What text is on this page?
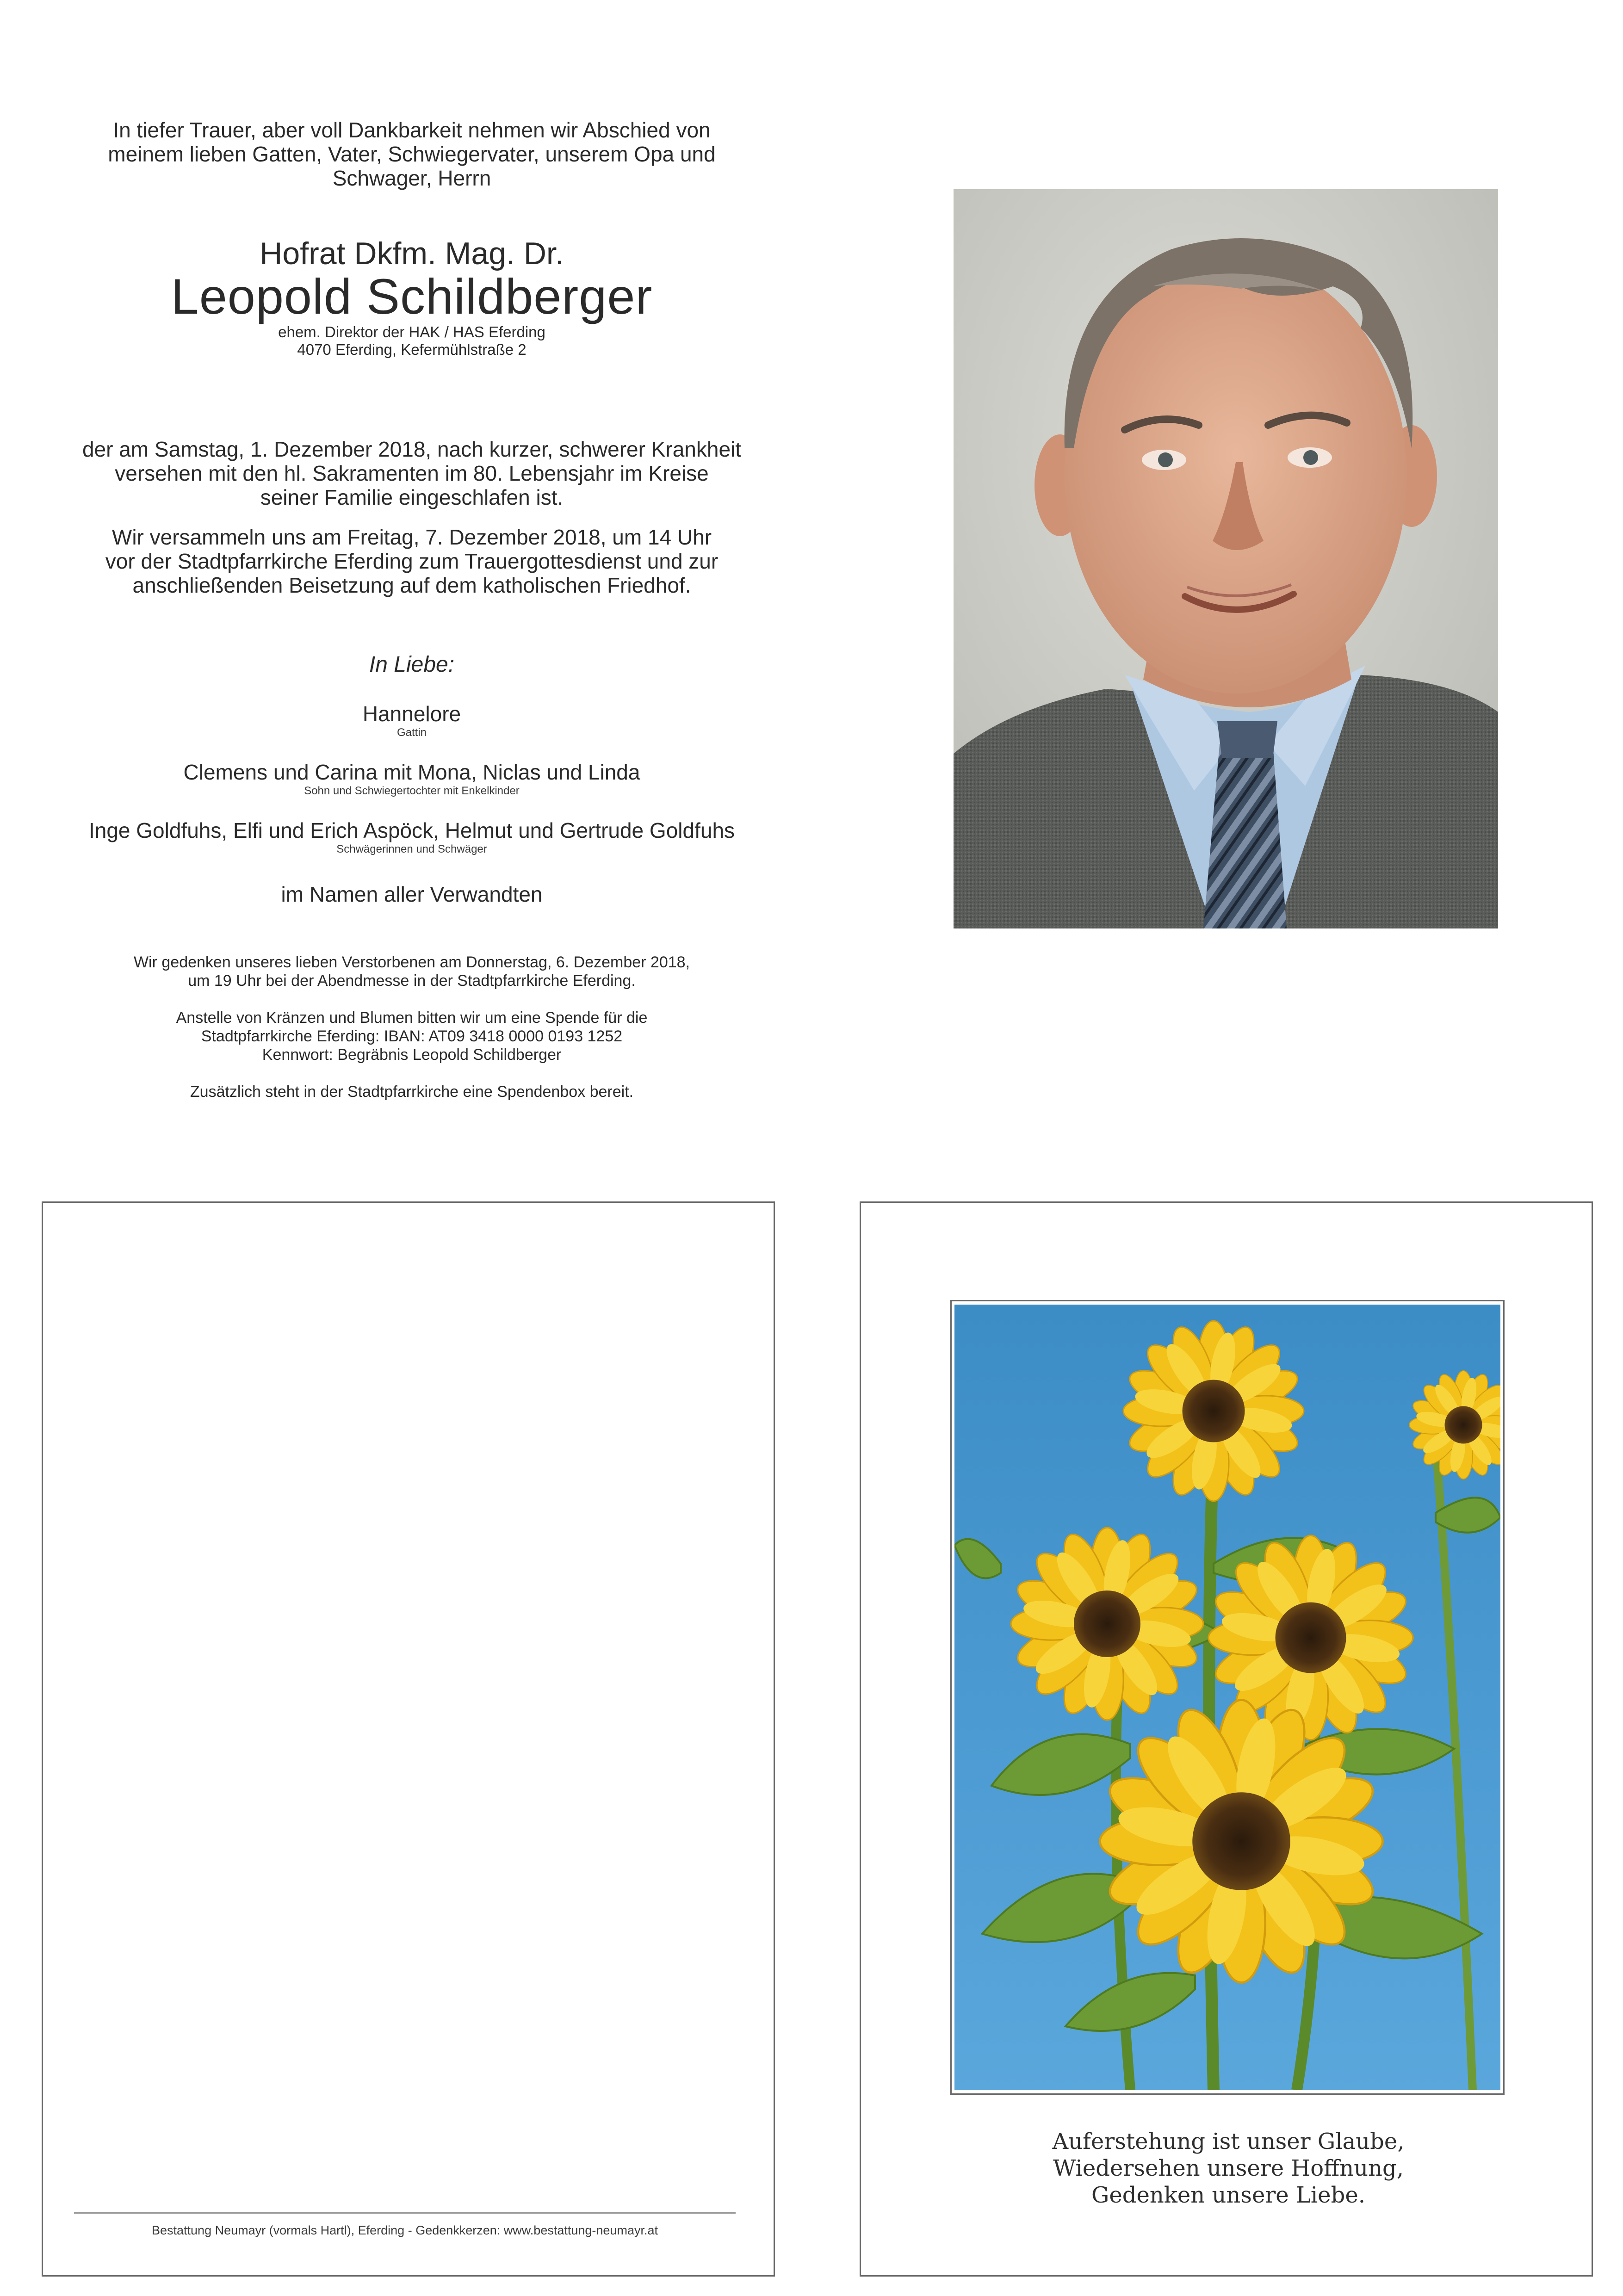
In tiefer Trauer, aber voll Dankbarkeit nehmen wir Abschied von

meinem lieben Gatten, Vater, Schwiegervater, unserem Opa und

Schwager, Herrn

Hofrat Dkfm. Mag. Dr.

Leopold Schildberger

ehem. Direktor der HAK / HAS Eferding

4070 Eferding, Kefermühlstraße 2

der am Samstag, 1. Dezember 2018, nach kurzer, schwerer Krankheit

versehen mit den hl. Sakramenten im 80. Lebensjahr im Kreise

seiner Familie eingeschlafen ist.

Wir versammeln uns am Freitag, 7. Dezember 2018, um 14 Uhr

vor der Stadtpfarrkirche Eferding zum Trauergottesdienst und zur

anschließenden Beisetzung auf dem katholischen Friedhof.

In Liebe:

Hannelore

Gattin

Clemens und Carina mit Mona, Niclas und Linda

Sohn und Schwiegertochter mit Enkelkinder

Inge Goldfuhs, Elfi und Erich Aspöck, Helmut und Gertrude Goldfuhs

Schwägerinnen und Schwäger

im Namen aller Verwandten

Wir gedenken unseres lieben Verstorbenen am Donnerstag, 6. Dezember 2018,

um 19 Uhr bei der Abendmesse in der Stadtpfarrkirche Eferding.

Anstelle von Kränzen und Blumen bitten wir um eine Spende für die

Stadtpfarrkirche Eferding: IBAN: AT09 3418 0000 0193 1252

Kennwort: Begräbnis Leopold Schildberger

Zusätzlich steht in der Stadtpfarrkirche eine Spendenbox bereit.

Bestattung Neumayr (vormals Hartl), Eferding - Gedenkkerzen: www.bestattung-neumayr.at

Auferstehung ist unser Glaube,

Wiedersehen unsere Hoffnung,

Gedenken unsere Liebe.
